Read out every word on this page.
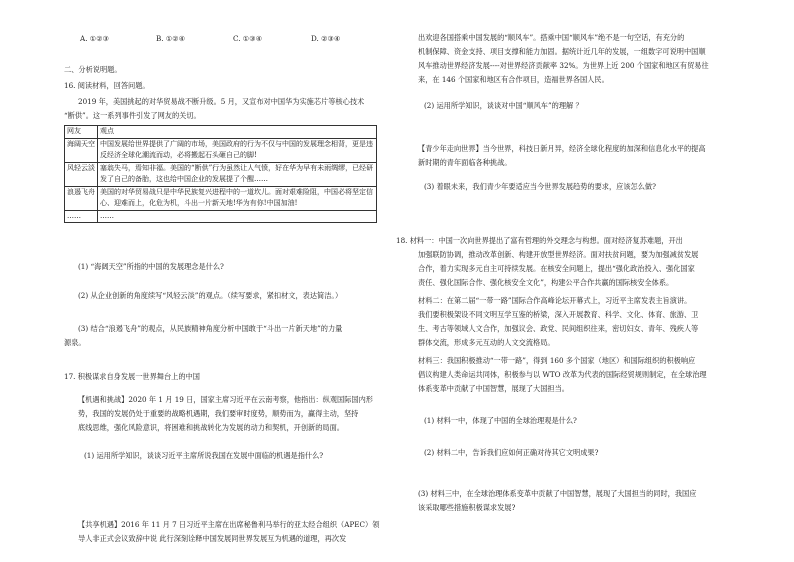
A. ①②③	B. ①②④	C. ①③④	D. ②③④
二、分析说明题。
16. 阅读材料，回答问题。
2019 年，美国挑起的对华贸易战不断升级。5 月，又宣布对中国华为实施芯片等核心技术
“断供”。这一系列事件引发了网友的关切。
网友	观点
海阔天空	中国发展给世界提供了广阔的市场，美国政府的行为不仅与中国的发展理念相背，更是违反经济全球化潮流而动，必将搬起石头砸自己的脚!
风轻云淡	塞翁失马，焉知非福。美国的“断供”行为虽然让人气愤，好在华为早有未雨绸缪，已经研发了自己的备胎，这也给中国企业的发展提了个醒……
浪遏飞舟	美国的对华贸易战只是中华民族复兴进程中的一道坎儿。面对艰难险阻，中国必将坚定信心、迎难而上，化危为机，斗出一片新天地!华为有你!中国加油!
……	……
(1) “海阔天空”所指的中国的发展理念是什么?
(2) 从企业创新的角度续写“风轻云淡”的观点。（续写要求，紧扣材文，表达简洁。）
(3) 结合“浪遏飞舟”的观点，从民族精神角度分析中国敢于“斗出一片新天地”的力量
源泉。
17. 积极谋求自身发展一世界舞台上的中国
【机遇和挑战】2020 年 1 月 19 日，国家主席习近平在云南考察，他指出：纵观国际国内形
势，我国的发展仍处于重要的战略机遇期，我们要审时度势，顺势而为，赢得主动，坚持
底线思维，强化风险意识，将困难和挑战转化为发展的动力和契机，开创新的局面。
(1) 运用所学知识，谈谈习近平主席所说我国在发展中面临的机遇是指什么?
【共享机遇】2016 年 11 月 7 日习近平主席在出席秘鲁利马举行的亚太经合组织（APEC）领
导人非正式会议致辞中说 此行深刻诠释中国发展同世界发展互为机遇的道理，再次发
出欢迎各国搭乘中国发展的“顺风车”。搭乘中国“顺风车”绝不是一句空话，有充分的
机制保障、资金支持、项目支撑和能力加固。据统计近几年的发展，一组数字可说明中国顺
风车推动世界经济发展----对世界经济贡献率 32%。为世界上近 200 个国家和地区有贸易往
来，在 146 个国家和地区有合作项目，造福世界各国人民。
(2) 运用所学知识，谈谈对中国“顺风车”的理解 ？
【青少年走向世界】当今世界，科技日新月异，经济全球化程度的加深和信息化水平的提高
新时期的青年面临各种挑战。
(3) 着眼未来，我们青少年要适应当今世界发展趋势的要求，应该怎么做?
18. 材料一：中国一次向世界提出了富有哲理的外交理念与构想。面对经济复苏难题，开出
加强联防协调，推动改革创新、构建开放型世界经济。面对扶贫问题，要为加强减贫发展
合作，着力实现多元自主可持续发展。在核安全问题上，提出“强化政治投入、强化国家
责任、强化国际合作、强化核安全文化”，构建公平合作共赢的国际核安全体系。
材料二：在第二届“一带一路”国际合作高峰论坛开幕式上，习近平主席发表主旨演讲。
我们要积极架设不同文明互学互鉴的桥梁，深入开展教育、科学、文化、体育、旅游、卫
生、考古等领域人文合作，加强议会、政党、民间组织往来，密切妇女、青年、残疾人等
群体交流，形成多元互动的人文交流格局。
材料三：我国积极推动“一带一路”，得到 160 多个国家（地区）和国际组织的积极响应
倡议构建人类命运共同体，积极参与以 WTO 改革为代表的国际经贸规则制定，在全球治理
体系变革中贡献了中国智慧，展现了大国担当。
(1) 材料一中，体现了中国的全球治理观是什么?
(2) 材料二中，告诉我们应如何正确对待其它文明成果?
(3) 材料三中，在全球治理体系变革中贡献了中国智慧，展现了大国担当的同时，我国应
该采取哪些措施积极谋求发展?
